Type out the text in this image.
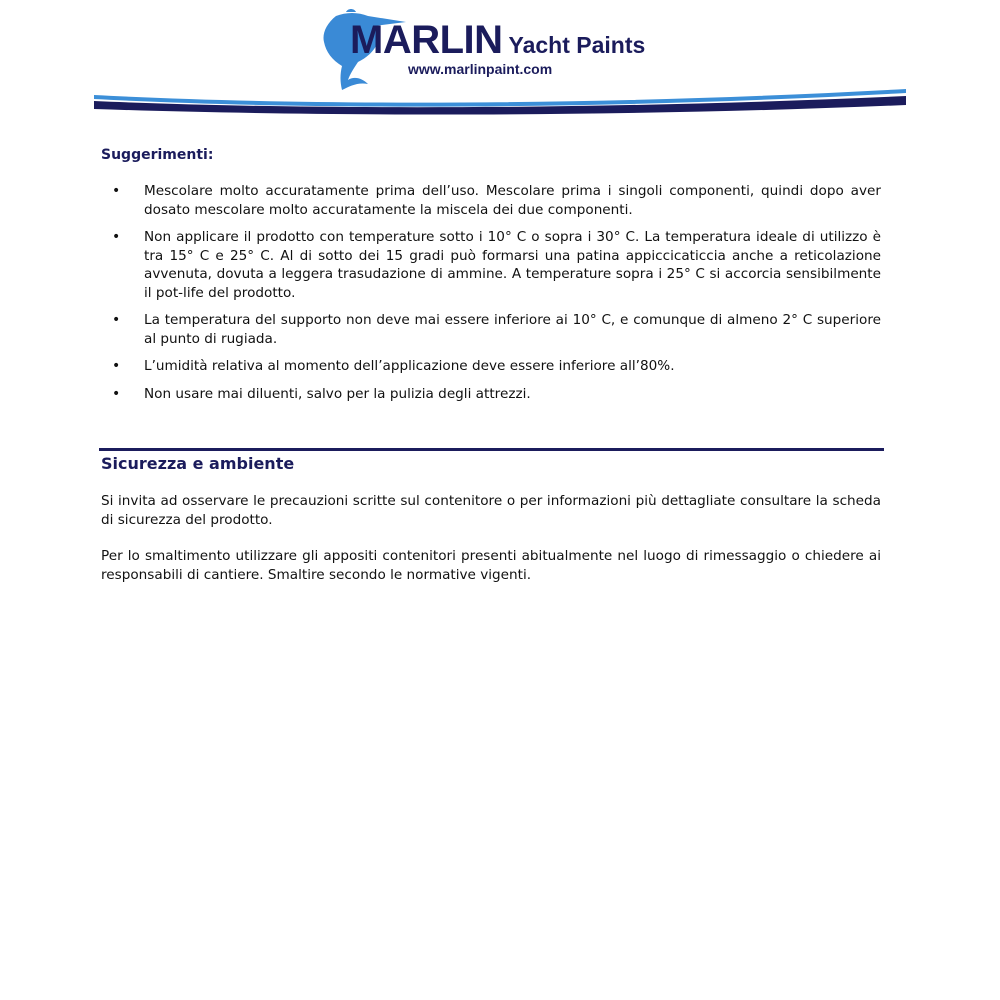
MARLIN Yacht Paints
www.marlinpaint.com
Suggerimenti:
• Mescolare molto accuratamente prima dell’uso. Mescolare prima i singoli componenti, quindi dopo aver dosato mescolare molto accuratamente la miscela dei due componenti.
• Non applicare il prodotto con temperature sotto i 10° C o sopra i 30° C. La temperatura ideale di utilizzo è tra 15° C e 25° C. Al di sotto dei 15 gradi può formarsi una patina appiccicaticcia anche a reticolazione avvenuta, dovuta a leggera trasudazione di ammine. A temperature sopra i 25° C si accorcia sensibilmente il pot-life del prodotto.
• La temperatura del supporto non deve mai essere inferiore ai 10° C, e comunque di almeno 2° C superiore al punto di rugiada.
• L’umidità relativa al momento dell’applicazione deve essere inferiore all’80%.
• Non usare mai diluenti, salvo per la pulizia degli attrezzi.
Sicurezza e ambiente
Si invita ad osservare le precauzioni scritte sul contenitore o per informazioni più dettagliate consultare la scheda di sicurezza del prodotto.
Per lo smaltimento utilizzare gli appositi contenitori presenti abitualmente nel luogo di rimessaggio o chiedere ai responsabili di cantiere. Smaltire secondo le normative vigenti.
